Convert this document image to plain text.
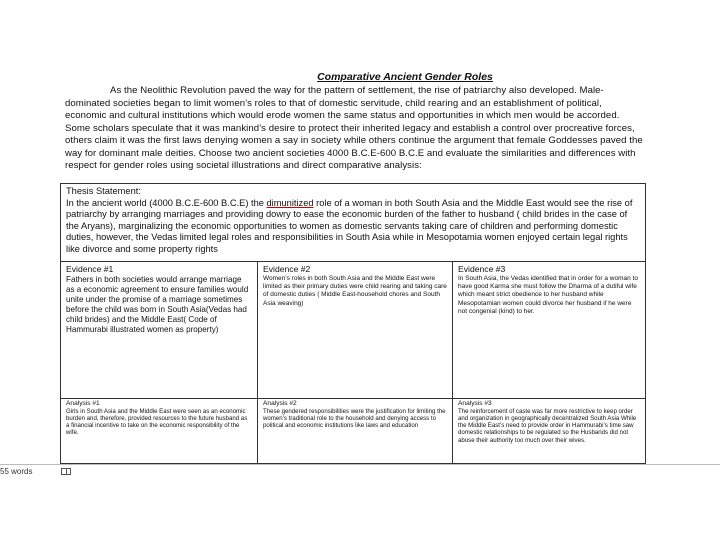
Comparative Ancient Gender Roles
As the Neolithic Revolution paved the way for the pattern of settlement, the rise of patriarchy also developed. Male-dominated societies began to limit women’s roles to that of domestic servitude, child rearing and an establishment of political, economic and cultural institutions which would erode women the same status and opportunities in which men would be accorded. Some scholars speculate that it was mankind’s desire to protect their inherited legacy and establish a control over procreative forces, others claim it was the first laws denying women a say in society while others continue the argument that female Goddesses paved the way for dominant male deities. Choose two ancient societies 4000 B.C.E-600 B.C.E and evaluate the similarities and differences with respect for gender roles using societal illustrations and direct comparative analysis:
Thesis Statement:
In the ancient world (4000 B.C.E-600 B.C.E) the dimunitized role of a woman in both South Asia and the Middle East would see the rise of patriarchy by arranging marriages and providing dowry to ease the economic burden of the father to husband ( child brides in the case of the Aryans), marginalizing the economic opportunities to women as domestic servants taking care of children and performing domestic duties, however, the Vedas limited legal roles and responsibilities in South Asia while in Mesopotamia women enjoyed certain legal rights like divorce and some property rights
Evidence #1
Fathers in both societies would arrange marriage as a economic agreement to ensure families would unite under the promise of a marriage sometimes before the child was born in South Asia(Vedas had child brides) and the Middle East( Code of Hammurabi illustrated women as property)
Evidence #2
Women’s roles in both South Asia and the Middle East were limited as their primary duties were child rearing and taking care of domestic duties ( Middle East-household chores and South Asia weaving)
Evidence #3
In South Asia, the Vedas identified that in order for a woman to have good Karma she must follow the Dharma of a dutiful wife which meant strict obedience to her husband while Mesopotamian women could divorce her husband if he were not congenial (kind) to her.
Analysis #1
Girls in South Asia and the Middle East were seen as an economic burden and, therefore, provided resources to the future husband as a financial incentive to take on the economic responsibility of the wife.
Analysis #2
These gendered responsibilities were the justification for limiting the women’s traditional role to the household and denying access to political and economic institutions like laws and education
Analysis #3
The reinforcement of caste was far more restrictive to keep order and organization in geographically decentralized South Asia While the Middle East’s need to provide order in Hammurabi’s time saw domestic relationships to be regulated so the Husbands did not abuse their authority too much over their wives.
55 words
